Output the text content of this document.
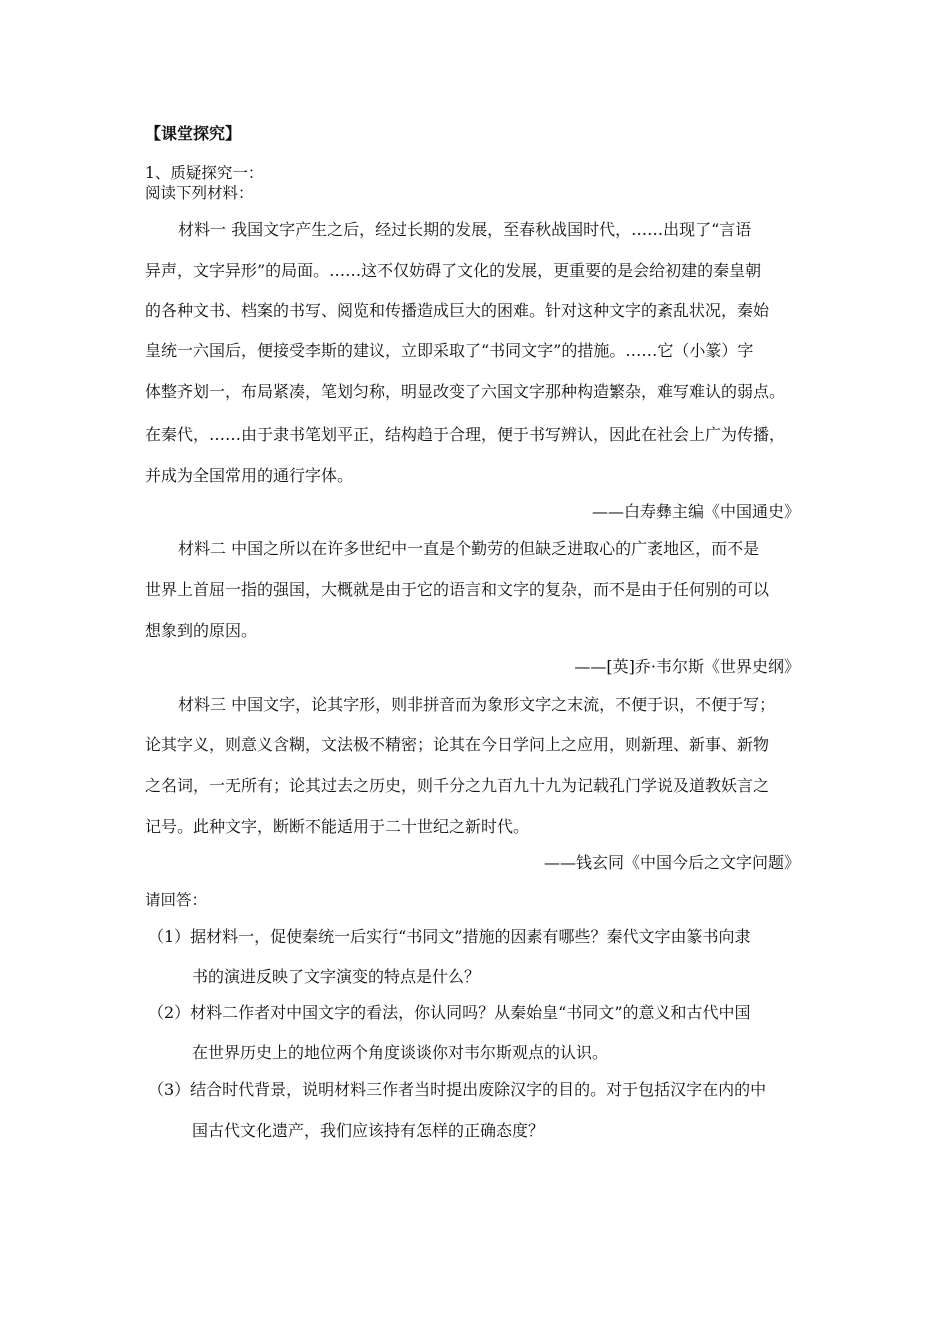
【课堂探究】
1、质疑探究一：
阅读下列材料：
材料一 我国文字产生之后，经过长期的发展，至春秋战国时代，……出现了“言语
异声，文字异形”的局面。……这不仅妨碍了文化的发展，更重要的是会给初建的秦皇朝
的各种文书、档案的书写、阅览和传播造成巨大的困难。针对这种文字的紊乱状况，秦始
皇统一六国后，便接受李斯的建议，立即采取了“书同文字”的措施。……它（小篆）字
体整齐划一，布局紧凑，笔划匀称，明显改变了六国文字那种构造繁杂，难写难认的弱点。
在秦代，……由于隶书笔划平正，结构趋于合理，便于书写辨认，因此在社会上广为传播，
并成为全国常用的通行字体。
——白寿彝主编《中国通史》
材料二 中国之所以在许多世纪中一直是个勤劳的但缺乏进取心的广袤地区，而不是
世界上首屈一指的强国，大概就是由于它的语言和文字的复杂，而不是由于任何别的可以
想象到的原因。
——[英]乔·韦尔斯《世界史纲》
材料三 中国文字，论其字形，则非拼音而为象形文字之末流，不便于识，不便于写；
论其字义，则意义含糊，文法极不精密；论其在今日学问上之应用，则新理、新事、新物
之名词，一无所有；论其过去之历史，则千分之九百九十九为记载孔门学说及道教妖言之
记号。此种文字，断断不能适用于二十世纪之新时代。
——钱玄同《中国今后之文字问题》
请回答：
（1）据材料一，促使秦统一后实行“书同文”措施的因素有哪些？秦代文字由篆书向隶
书的演进反映了文字演变的特点是什么？
（2）材料二作者对中国文字的看法，你认同吗？从秦始皇“书同文”的意义和古代中国
在世界历史上的地位两个角度谈谈你对韦尔斯观点的认识。
（3）结合时代背景，说明材料三作者当时提出废除汉字的目的。对于包括汉字在内的中
国古代文化遗产，我们应该持有怎样的正确态度？
